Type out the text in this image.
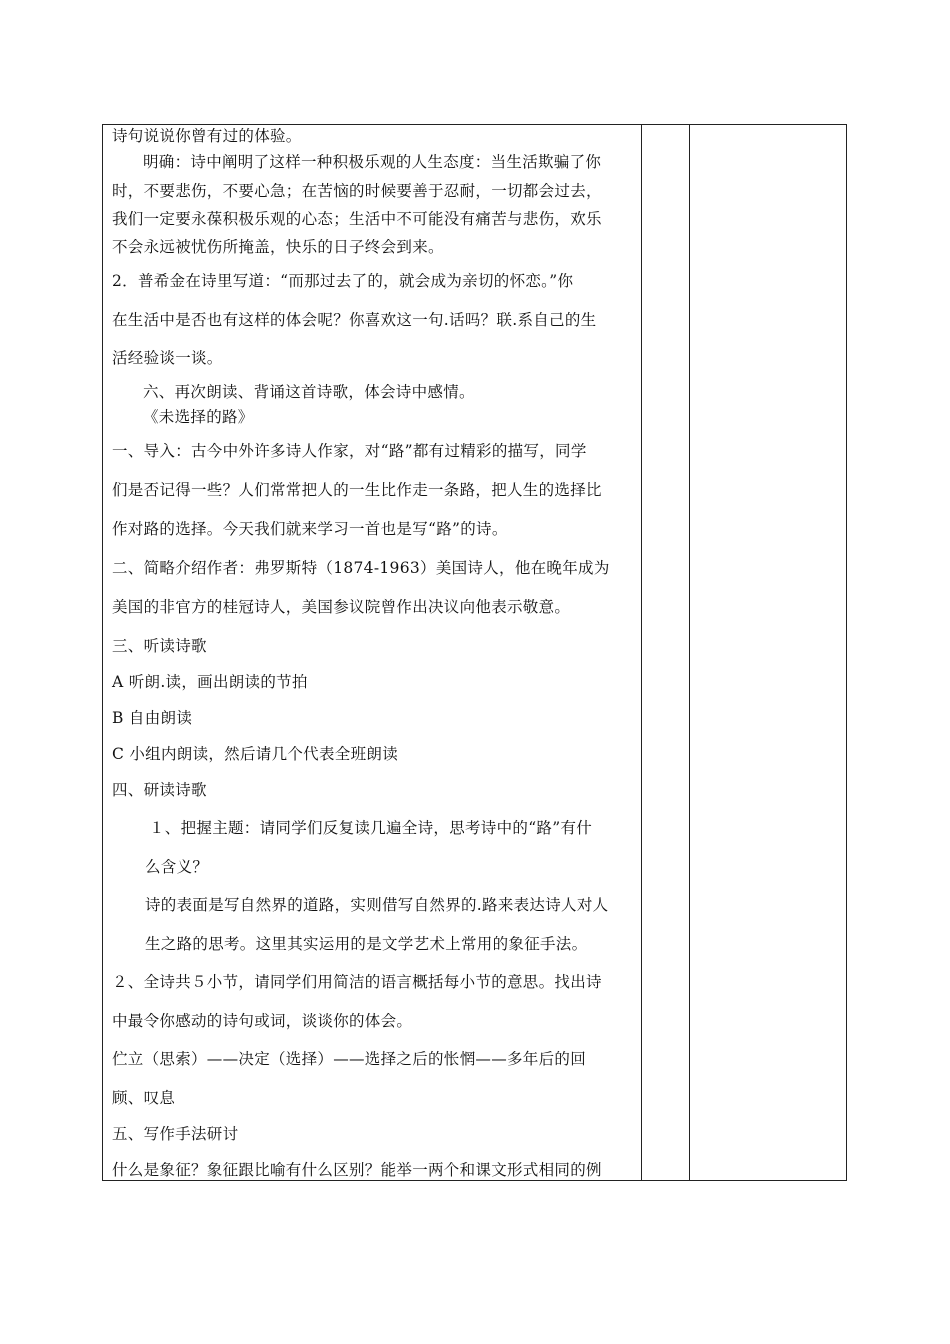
诗句说说你曾有过的体验。
明确：诗中阐明了这样一种积极乐观的人生态度：当生活欺骗了你
时，不要悲伤，不要心急；在苦恼的时候要善于忍耐，一切都会过去，
我们一定要永葆积极乐观的心态；生活中不可能没有痛苦与悲伤，欢乐
不会永远被忧伤所掩盖，快乐的日子终会到来。
2．普希金在诗里写道：“而那过去了的，就会成为亲切的怀恋。”你
在生活中是否也有这样的体会呢？你喜欢这一句.话吗？联.系自己的生
活经验谈一谈。
六、再次朗读、背诵这首诗歌，体会诗中感情。
《未选择的路》
一、导入：古今中外许多诗人作家，对“路”都有过精彩的描写，同学
们是否记得一些？人们常常把人的一生比作走一条路，把人生的选择比
作对路的选择。今天我们就来学习一首也是写“路”的诗。
二、简略介绍作者：弗罗斯特（1874-1963）美国诗人，他在晚年成为
美国的非官方的桂冠诗人，美国参议院曾作出决议向他表示敬意。
三、听读诗歌
A 听朗.读，画出朗读的节拍
B 自由朗读
C 小组内朗读，然后请几个代表全班朗读
四、研读诗歌
１、把握主题：请同学们反复读几遍全诗，思考诗中的“路”有什
么含义？
诗的表面是写自然界的道路，实则借写自然界的.路来表达诗人对人
生之路的思考。这里其实运用的是文学艺术上常用的象征手法。
２、全诗共５小节，请同学们用简洁的语言概括每小节的意思。找出诗
中最令你感动的诗句或词，谈谈你的体会。
伫立（思索）——决定（选择）——选择之后的怅惘——多年后的回
顾、叹息
五、写作手法研讨
什么是象征？象征跟比喻有什么区别？能举一两个和课文形式相同的例
